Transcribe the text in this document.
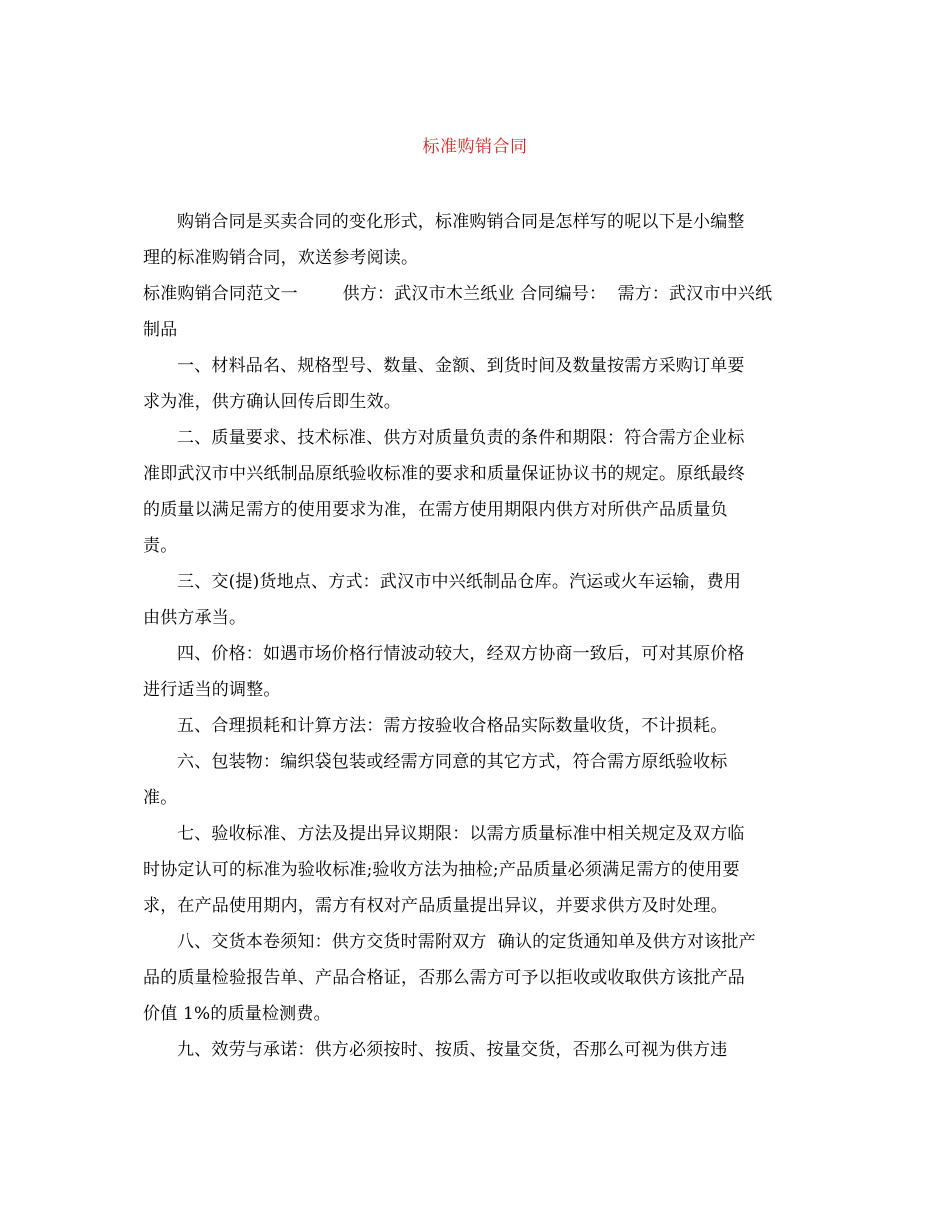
标准购销合同
购销合同是买卖合同的变化形式，标准购销合同是怎样写的呢以下是小编整
理的标准购销合同，欢送参考阅读。
标准购销合同范文一        供方：武汉市木兰纸业 合同编号：  需方：武汉市中兴纸
制品
一、材料品名、规格型号、数量、金额、到货时间及数量按需方采购订单要
求为准，供方确认回传后即生效。
二、质量要求、技术标准、供方对质量负责的条件和期限：符合需方企业标
准即武汉市中兴纸制品原纸验收标准的要求和质量保证协议书的规定。原纸最终
的质量以满足需方的使用要求为准，在需方使用期限内供方对所供产品质量负
责。
三、交(提)货地点、方式：武汉市中兴纸制品仓库。汽运或火车运输，费用
由供方承当。
四、价格：如遇市场价格行情波动较大，经双方协商一致后，可对其原价格
进行适当的调整。
五、合理损耗和计算方法：需方按验收合格品实际数量收货，不计损耗。
六、包装物：编织袋包装或经需方同意的其它方式，符合需方原纸验收标
准。
七、验收标准、方法及提出异议期限：以需方质量标准中相关规定及双方临
时协定认可的标准为验收标准;验收方法为抽检;产品质量必须满足需方的使用要
求，在产品使用期内，需方有权对产品质量提出异议，并要求供方及时处理。
八、交货本卷须知：供方交货时需附双方  确认的定货通知单及供方对该批产
品的质量检验报告单、产品合格证，否那么需方可予以拒收或收取供方该批产品
价值 1%的质量检测费。
九、效劳与承诺：供方必须按时、按质、按量交货，否那么可视为供方违
